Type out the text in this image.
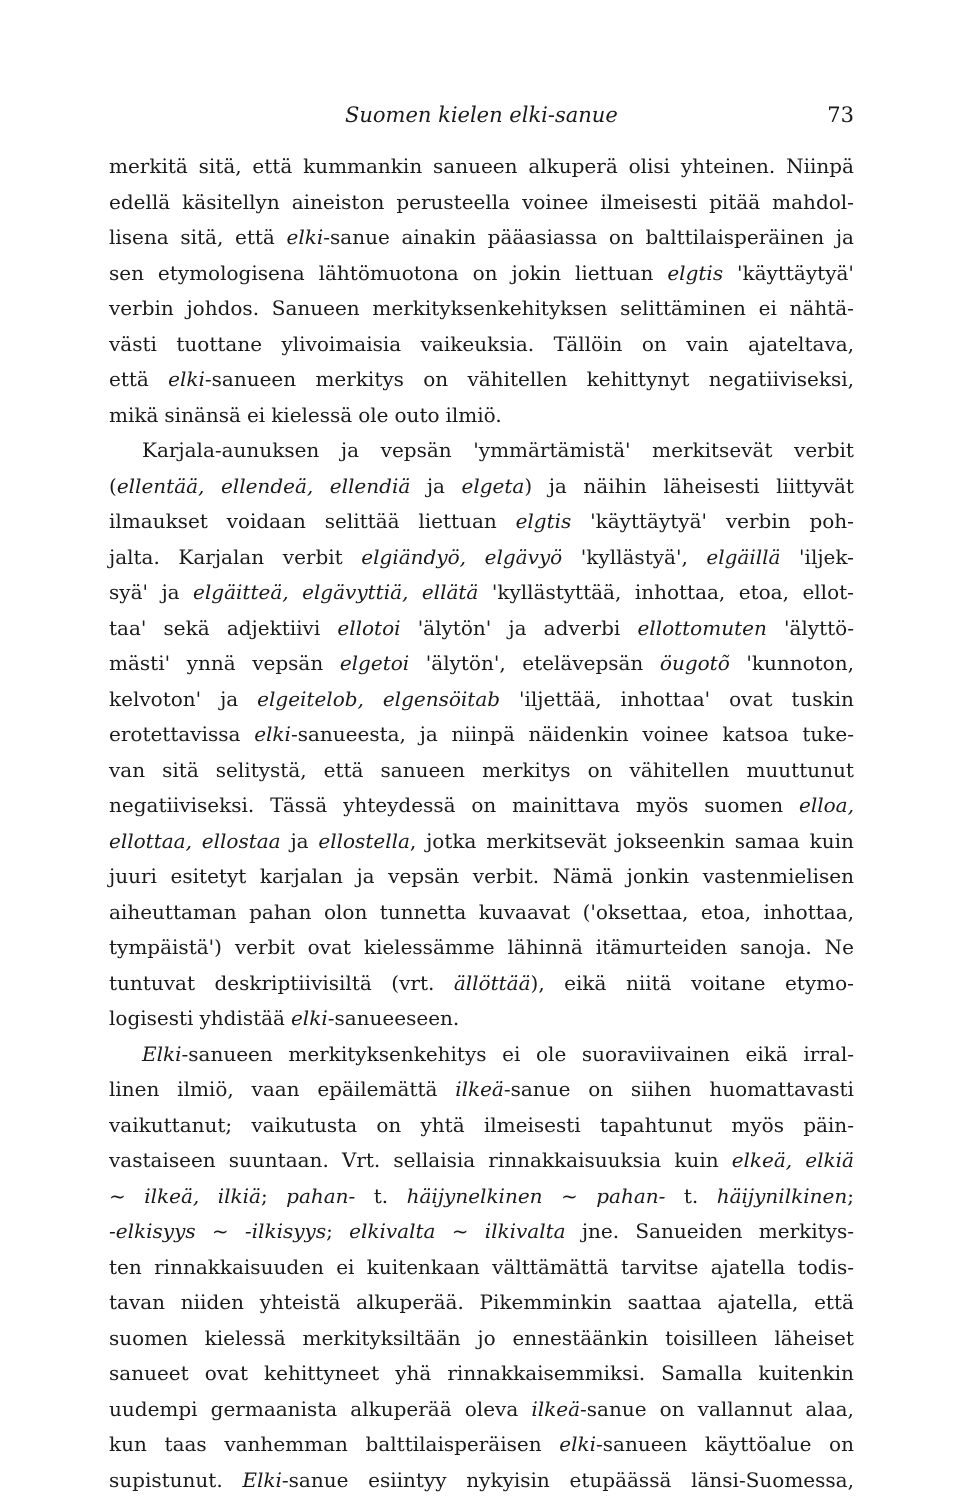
Suomen kielen elki-sanue	73
merkitä sitä, että kummankin sanueen alkuperä olisi yhteinen. Niinpä
edellä käsitellyn aineiston perusteella voinee ilmeisesti pitää mahdol-
lisena sitä, että elki-sanue ainakin pääasiassa on balttilaisperäinen ja
sen etymologisena lähtömuotona on jokin liettuan elgtis 'käyttäytyä'
verbin johdos. Sanueen merkityksenkehityksen selittäminen ei nähtä-
västi tuottane ylivoimaisia vaikeuksia. Tällöin on vain ajateltava,
että elki-sanueen merkitys on vähitellen kehittynyt negatiiviseksi,
mikä sinänsä ei kielessä ole outo ilmiö.
Karjala-aunuksen ja vepsän 'ymmärtämistä' merkitsevät verbit
(ellentää, ellendeä, ellendiä ja elgeta) ja näihin läheisesti liittyvät
ilmaukset voidaan selittää liettuan elgtis 'käyttäytyä' verbin poh-
jalta. Karjalan verbit elgiändyö, elgävyö 'kyllästyä', elgäillä 'iljek-
syä' ja elgäitteä, elgävyttiä, ellätä 'kyllästyttää, inhottaa, etoa, ellot-
taa' sekä adjektiivi ellotoi 'älytön' ja adverbi ellottomuten 'älyttö-
mästi' ynnä vepsän elgetoi 'älytön', etelävepsän öugotõ 'kunnoton,
kelvoton' ja elgeitelob, elgensöitab 'iljettää, inhottaa' ovat tuskin
erotettavissa elki-sanueesta, ja niinpä näidenkin voinee katsoa tuke-
van sitä selitystä, että sanueen merkitys on vähitellen muuttunut
negatiiviseksi. Tässä yhteydessä on mainittava myös suomen elloa,
ellottaa, ellostaa ja ellostella, jotka merkitsevät jokseenkin samaa kuin
juuri esitetyt karjalan ja vepsän verbit. Nämä jonkin vastenmielisen
aiheuttaman pahan olon tunnetta kuvaavat ('oksettaa, etoa, inhottaa,
tympäistä') verbit ovat kielessämme lähinnä itämurteiden sanoja. Ne
tuntuvat deskriptiivisiltä (vrt. ällöttää), eikä niitä voitane etymo-
logisesti yhdistää elki-sanueeseen.
Elki-sanueen merkityksenkehitys ei ole suoraviivainen eikä irral-
linen ilmiö, vaan epäilemättä ilkeä-sanue on siihen huomattavasti
vaikuttanut; vaikutusta on yhtä ilmeisesti tapahtunut myös päin-
vastaiseen suuntaan. Vrt. sellaisia rinnakkaisuuksia kuin elkeä, elkiä
~ ilkeä, ilkiä; pahan- t. häijynelkinen ~ pahan- t. häijynilkinen;
-elkisyys ~ -ilkisyys; elkivalta ~ ilkivalta jne. Sanueiden merkitys-
ten rinnakkaisuuden ei kuitenkaan välttämättä tarvitse ajatella todis-
tavan niiden yhteistä alkuperää. Pikemminkin saattaa ajatella, että
suomen kielessä merkityksiltään jo ennestäänkin toisilleen läheiset
sanueet ovat kehittyneet yhä rinnakkaisemmiksi. Samalla kuitenkin
uudempi germaanista alkuperää oleva ilkeä-sanue on vallannut alaa,
kun taas vanhemman balttilaisperäisen elki-sanueen käyttöalue on
supistunut. Elki-sanue esiintyy nykyisin etupäässä länsi-Suomessa,
